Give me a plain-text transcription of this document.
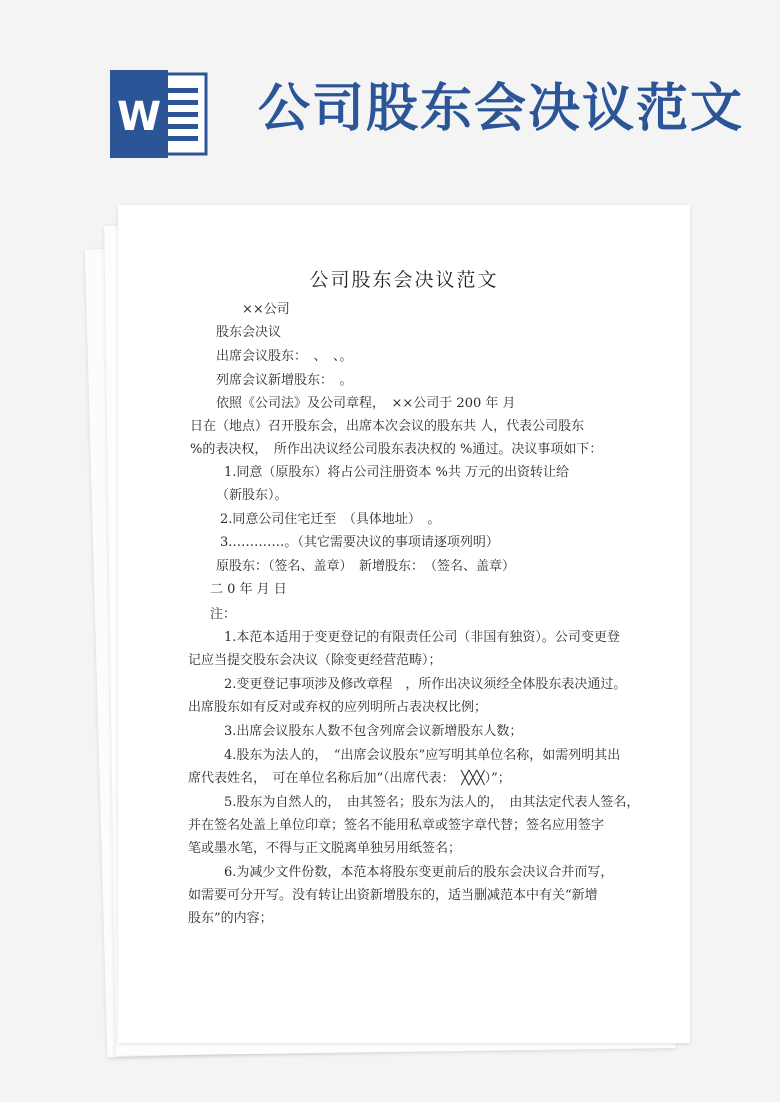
W 公司股东会决议范文
公司股东会决议范文
××公司
股东会决议
出席会议股东：　、　、。
列席会议新增股东：　。
依照《公司法》及公司章程，　××公司于 200 年 月
日在（地点）召开股东会，出席本次会议的股东共 人，代表公司股东
%的表决权，　所作出决议经公司股东表决权的 %通过。决议事项如下：
1.同意（原股东）将占公司注册资本 %共 万元的出资转让给
（新股东）。
2.同意公司住宅迁至　（具体地址）　。
3.…………。（其它需要决议的事项请逐项列明）
原股东：（签名、盖章）　新增股东：　（签名、盖章）
二 0 年 月 日
注：
1.本范本适用于变更登记的有限责任公司（非国有独资）。公司变更登
记应当提交股东会决议（除变更经营范畴）；
2.变更登记事项涉及修改章程　，所作出决议须经全体股东表决通过。
出席股东如有反对或弃权的应列明所占表决权比例；
3.出席会议股东人数不包含列席会议新增股东人数；
4.股东为法人的，　“出席会议股东”应写明其单位名称，如需列明其出
席代表姓名，　可在单位名称后加“（出席代表：　╳╳╳）”；
5.股东为自然人的，　由其签名；股东为法人的，　由其法定代表人签名，
并在签名处盖上单位印章；签名不能用私章或签字章代替；签名应用签字
笔或墨水笔，不得与正文脱离单独另用纸签名；
6.为减少文件份数，本范本将股东变更前后的股东会决议合并而写，
如需要可分开写。没有转让出资新增股东的，适当删减范本中有关“新增
股东”的内容；
